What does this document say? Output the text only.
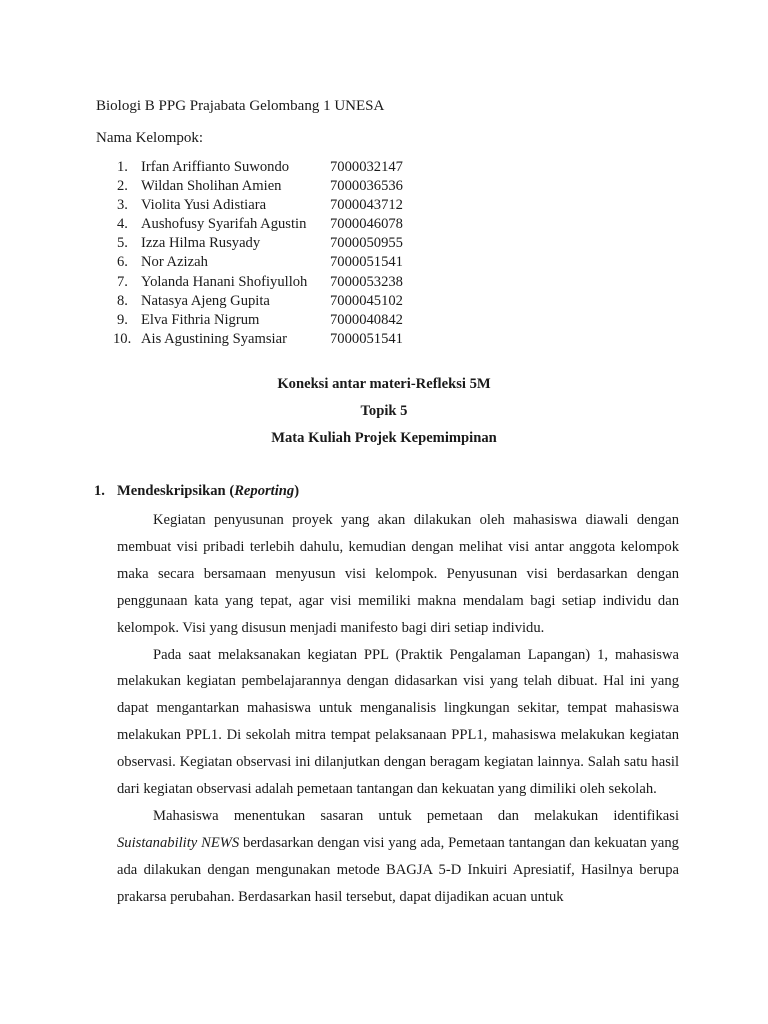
Biologi B PPG Prajabata Gelombang 1 UNESA
Nama Kelompok:
1. Irfan Ariffianto Suwondo	7000032147
2. Wildan Sholihan Amien	7000036536
3. Violita Yusi Adistiara	7000043712
4. Aushofusy Syarifah Agustin 7000046078
5. Izza Hilma Rusyady	7000050955
6. Nor Azizah	7000051541
7. Yolanda Hanani Shofiyulloh 7000053238
8. Natasya Ajeng Gupita	7000045102
9. Elva Fithria Nigrum	7000040842
10. Ais Agustining Syamsiar	7000051541
Koneksi antar materi-Refleksi 5M
Topik 5
Mata Kuliah Projek Kepemimpinan
1. Mendeskripsikan (Reporting)

Kegiatan penyusunan proyek yang akan dilakukan oleh mahasiswa diawali dengan membuat visi pribadi terlebih dahulu, kemudian dengan melihat visi antar anggota kelompok maka secara bersamaan menyusun visi kelompok. Penyusunan visi berdasarkan dengan penggunaan kata yang tepat, agar visi memiliki makna mendalam bagi setiap individu dan kelompok. Visi yang disusun menjadi manifesto bagi diri setiap individu.

Pada saat melaksanakan kegiatan PPL (Praktik Pengalaman Lapangan) 1, mahasiswa melakukan kegiatan pembelajarannya dengan didasarkan visi yang telah dibuat. Hal ini yang dapat mengantarkan mahasiswa untuk menganalisis lingkungan sekitar, tempat mahasiswa melakukan PPL1. Di sekolah mitra tempat pelaksanaan PPL1, mahasiswa melakukan kegiatan observasi. Kegiatan observasi ini dilanjutkan dengan beragam kegiatan lainnya. Salah satu hasil dari kegiatan observasi adalah pemetaan tantangan dan kekuatan yang dimiliki oleh sekolah.

Mahasiswa menentukan sasaran untuk pemetaan dan melakukan identifikasi Suistanability NEWS berdasarkan dengan visi yang ada, Pemetaan tantangan dan kekuatan yang ada dilakukan dengan mengunakan metode BAGJA 5-D Inkuiri Apresiatif, Hasilnya berupa prakarsa perubahan. Berdasarkan hasil tersebut, dapat dijadikan acuan untuk
